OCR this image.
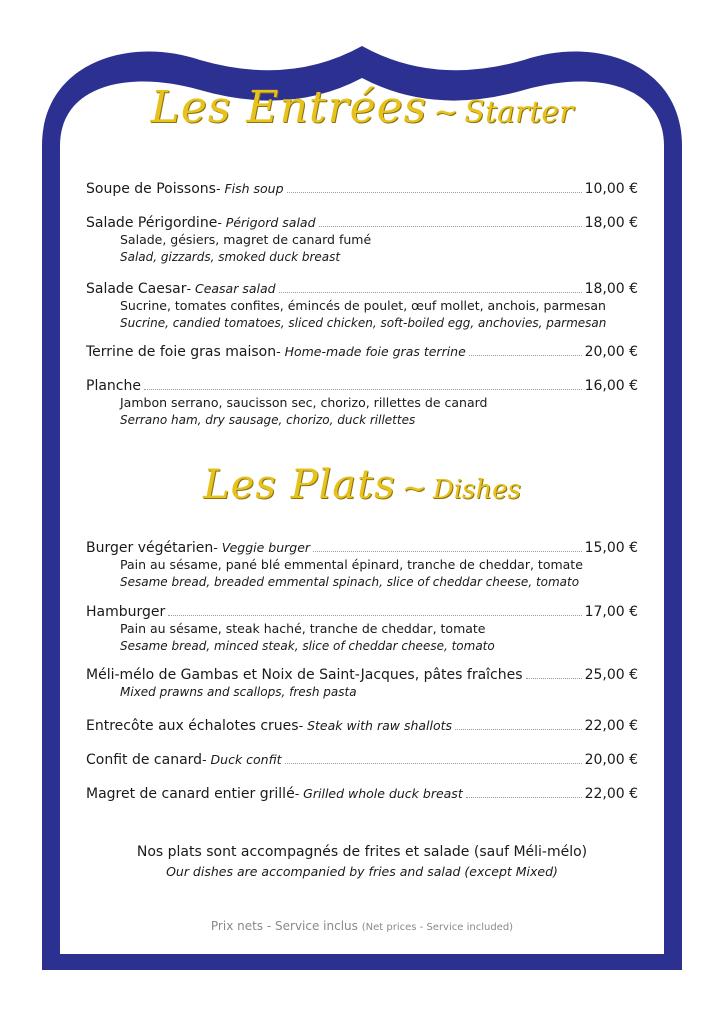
Les Entrées ~ Starter
Soupe de Poissons - Fish soup	10,00 €
Salade Périgordine - Périgord salad	18,00 €
Salade, gésiers, magret de canard fumé
Salad, gizzards, smoked duck breast
Salade Caesar - Ceasar salad	18,00 €
Sucrine, tomates confites, émincés de poulet, œuf mollet, anchois, parmesan
Sucrine, candied tomatoes, sliced chicken, soft-boiled egg, anchovies, parmesan
Terrine de foie gras maison - Home-made foie gras terrine	20,00 €
Planche	16,00 €
Jambon serrano, saucisson sec, chorizo, rillettes de canard
Serrano ham, dry sausage, chorizo, duck rillettes
Les Plats ~ Dishes
Burger végétarien - Veggie burger	15,00 €
Pain au sésame, pané blé emmental épinard, tranche de cheddar, tomate
Sesame bread, breaded emmental spinach, slice of cheddar cheese, tomato
Hamburger	17,00 €
Pain au sésame, steak haché, tranche de cheddar, tomate
Sesame bread, minced steak, slice of cheddar cheese, tomato
Méli-mélo de Gambas et Noix de Saint-Jacques, pâtes fraîches	25,00 €
Mixed prawns and scallops, fresh pasta
Entrecôte aux échalotes crues - Steak with raw shallots	22,00 €
Confit de canard - Duck confit	20,00 €
Magret de canard entier grillé - Grilled whole duck breast	22,00 €
Nos plats sont accompagnés de frites et salade (sauf Méli-mélo)
Our dishes are accompanied by fries and salad (except Mixed)
Prix nets - Service inclus (Net prices - Service included)
